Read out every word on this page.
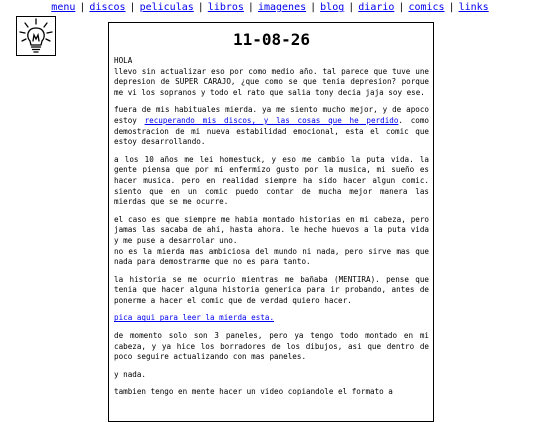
menu | discos | peliculas | libros | imagenes | blog | diario | comics | links
11-08-26

HOLA
llevo sin actualizar eso por como medio año. tal parece que tuve une depresion de SUPER CARAJO, ¿que como se que tenia depresion? porque me vi los sopranos y todo el rato que salia tony decia jaja soy ese.

fuera de mis habituales mierda. ya me siento mucho mejor, y de apoco estoy recuperando mis discos, y las cosas que he perdido. como demostracion de mi nueva estabilidad emocional, esta el comic que estoy desarrollando.

a los 10 años me lei homestuck, y eso me cambio la puta vida. la gente piensa que por mi enfermizo gusto por la musica, mi sueño es hacer musica. pero en realidad siempre ha sido hacer algun comic. siento que en un comic puedo contar de mucha mejor manera las mierdas que se me ocurre.

el caso es que siempre me habia montado historias en mi cabeza, pero jamas las sacaba de ahi, hasta ahora. le heche huevos a la puta vida y me puse a desarrolar uno.
no es la mierda mas ambiciosa del mundo ni nada, pero sirve mas que nada para demostrarme que no es para tanto.

la historia se me ocurrio mientras me bañaba (MENTIRA). pense que tenia que hacer alguna historia generica para ir probando, antes de ponerme a hacer el comic que de verdad quiero hacer.

pica aqui para leer la mierda esta.

de momento solo son 3 paneles, pero ya tengo todo montado en mi cabeza, y ya hice los borradores de los dibujos, asi que dentro de poco seguire actualizando con mas paneles.

y nada.

tambien tengo en mente hacer un video copiandole el formato a
